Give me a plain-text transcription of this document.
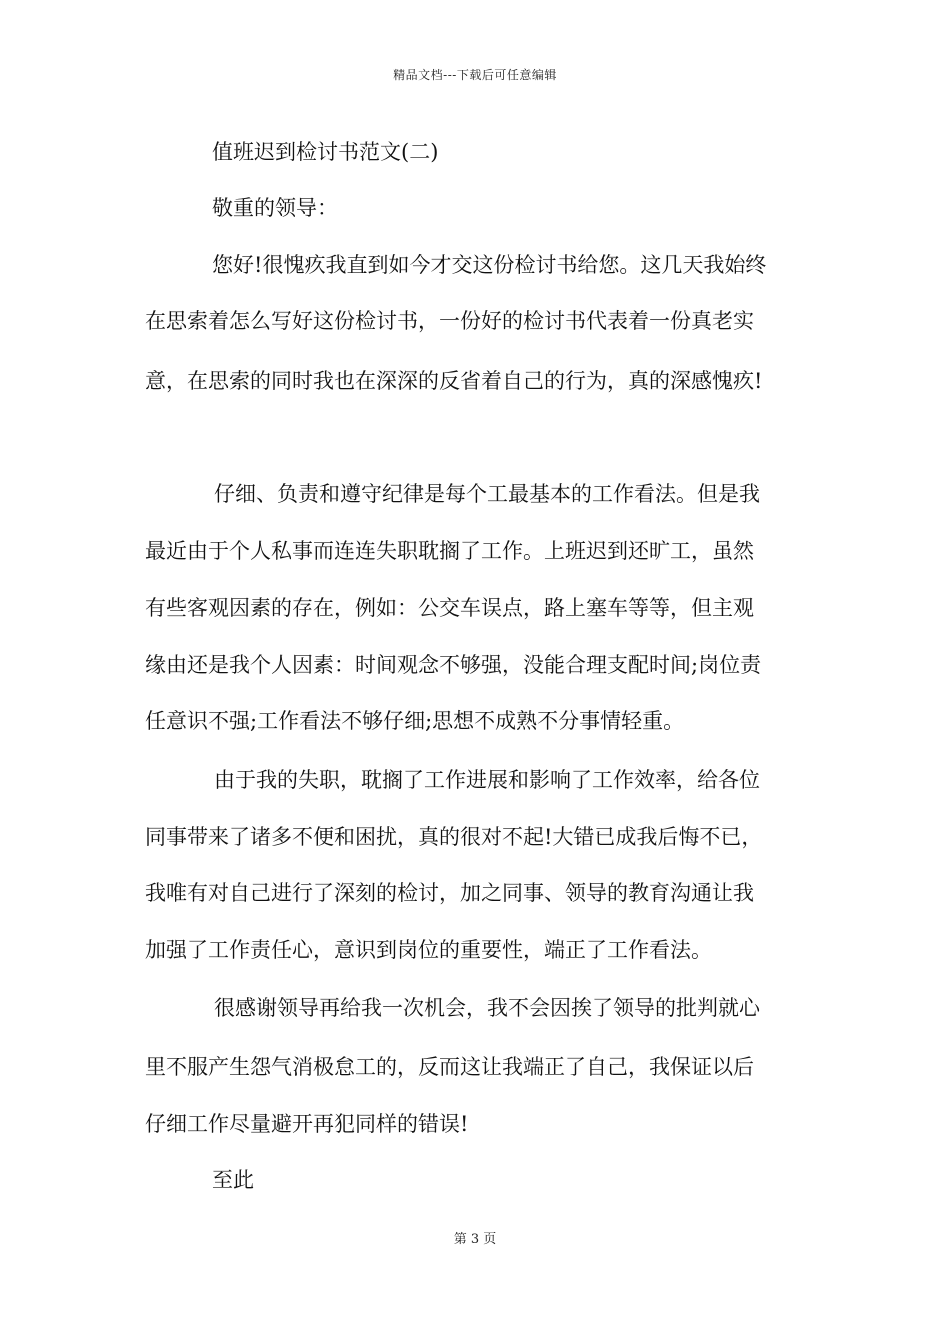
精品文档---下载后可任意编辑
值班迟到检讨书范文(二)
敬重的领导：
您好!很愧疚我直到如今才交这份检讨书给您。这几天我始终
在思索着怎么写好这份检讨书，一份好的检讨书代表着一份真老实
意，在思索的同时我也在深深的反省着自己的行为，真的深感愧疚!
仔细、负责和遵守纪律是每个工最基本的工作看法。但是我
最近由于个人私事而连连失职耽搁了工作。上班迟到还旷工，虽然
有些客观因素的存在，例如：公交车误点，路上塞车等等，但主观
缘由还是我个人因素：时间观念不够强，没能合理支配时间;岗位责
任意识不强;工作看法不够仔细;思想不成熟不分事情轻重。
由于我的失职，耽搁了工作进展和影响了工作效率，给各位
同事带来了诸多不便和困扰，真的很对不起!大错已成我后悔不已，
我唯有对自己进行了深刻的检讨，加之同事、领导的教育沟通让我
加强了工作责任心，意识到岗位的重要性，端正了工作看法。
很感谢领导再给我一次机会，我不会因挨了领导的批判就心
里不服产生怨气消极怠工的，反而这让我端正了自己，我保证以后
仔细工作尽量避开再犯同样的错误!
至此
第 3 页
